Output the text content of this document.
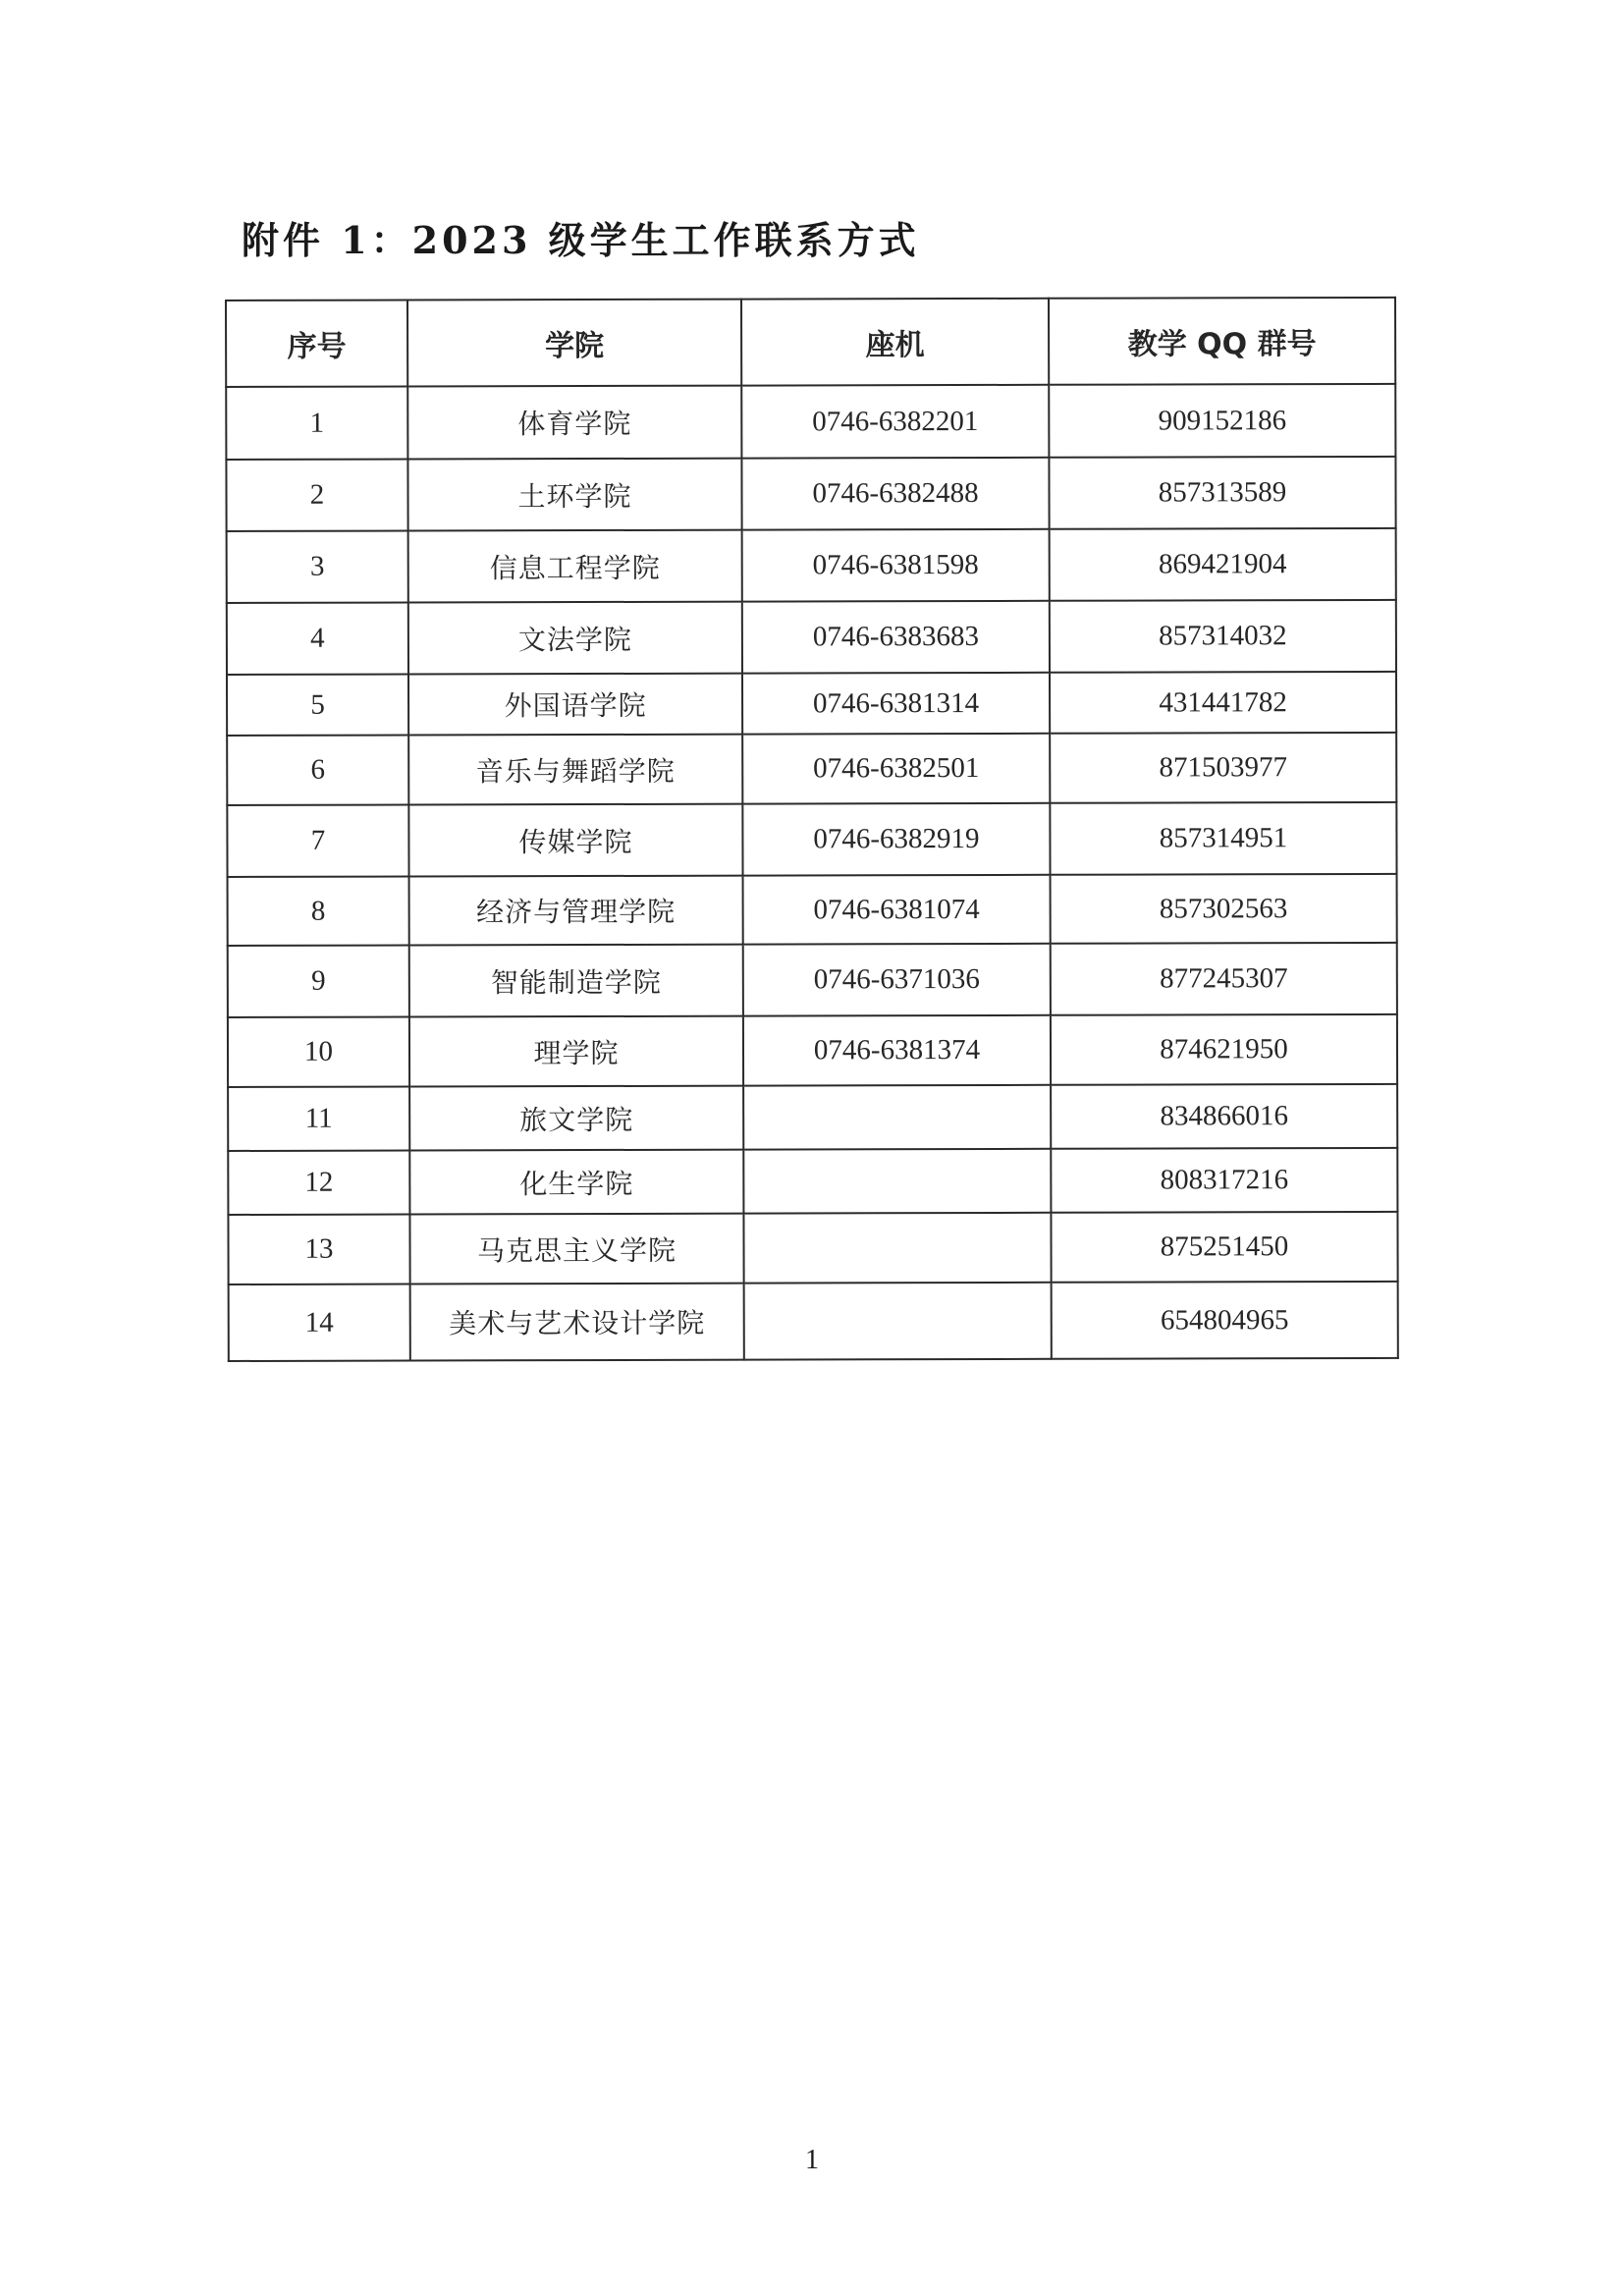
附件 1：2023 级学生工作联系方式
序号	学院	座机	教学 QQ 群号
1	体育学院	0746-6382201	909152186
2	土环学院	0746-6382488	857313589
3	信息工程学院	0746-6381598	869421904
4	文法学院	0746-6383683	857314032
5	外国语学院	0746-6381314	431441782
6	音乐与舞蹈学院	0746-6382501	871503977
7	传媒学院	0746-6382919	857314951
8	经济与管理学院	0746-6381074	857302563
9	智能制造学院	0746-6371036	877245307
10	理学院	0746-6381374	874621950
11	旅文学院		834866016
12	化生学院		808317216
13	马克思主义学院		875251450
14	美术与艺术设计学院		654804965
1
